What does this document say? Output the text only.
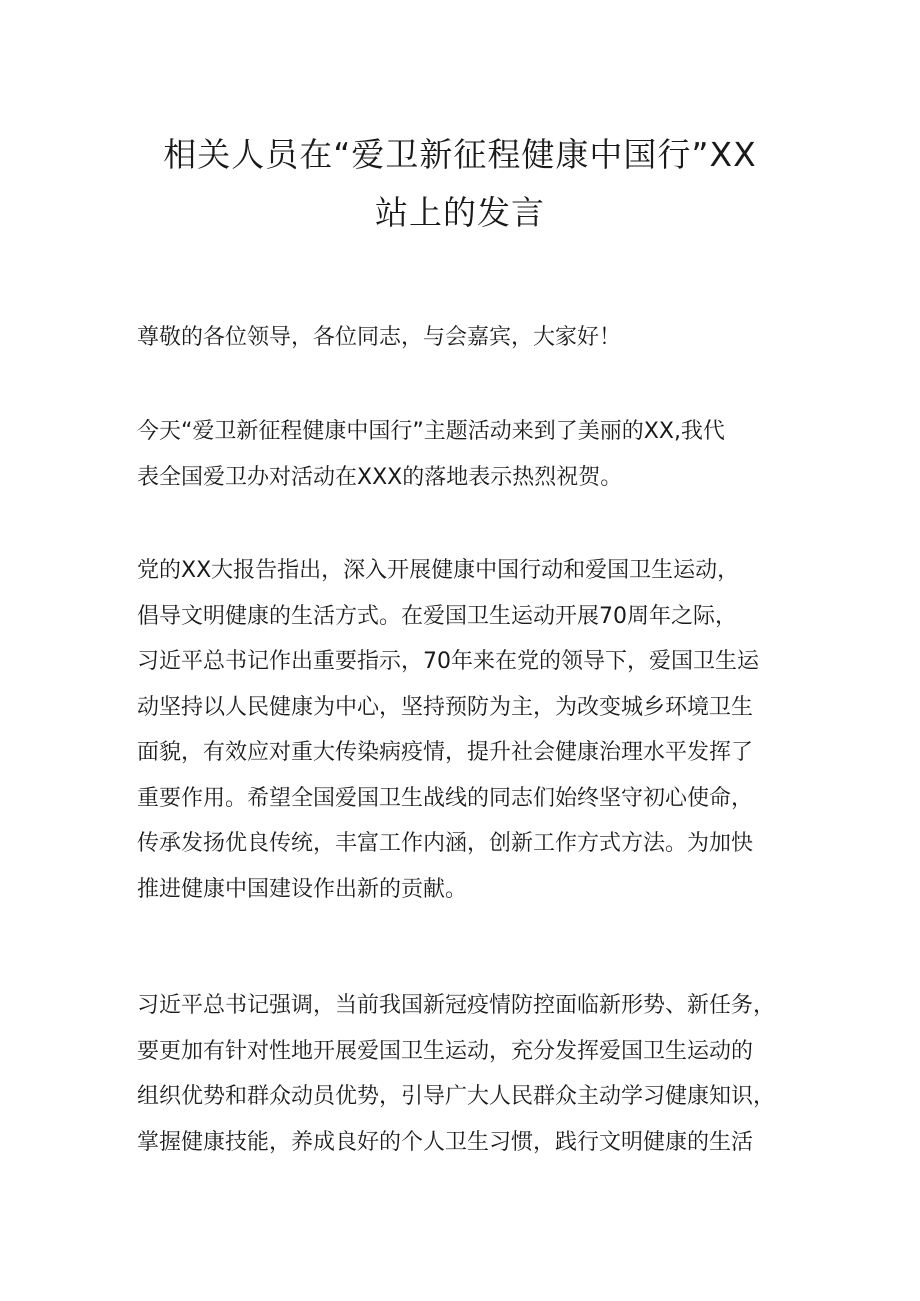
相关人员在“爱卫新征程健康中国行”XX
站上的发言

尊敬的各位领导，各位同志，与会嘉宾，大家好！

今天“爱卫新征程健康中国行”主题活动来到了美丽的XX,我代
表全国爱卫办对活动在XXX的落地表示热烈祝贺。

党的XX大报告指出，深入开展健康中国行动和爱国卫生运动，
倡导文明健康的生活方式。在爱国卫生运动开展70周年之际，
习近平总书记作出重要指示，70年来在党的领导下，爱国卫生运
动坚持以人民健康为中心，坚持预防为主，为改变城乡环境卫生
面貌，有效应对重大传染病疫情，提升社会健康治理水平发挥了
重要作用。希望全国爱国卫生战线的同志们始终坚守初心使命，
传承发扬优良传统，丰富工作内涵，创新工作方式方法。为加快
推进健康中国建设作出新的贡献。

习近平总书记强调，当前我国新冠疫情防控面临新形势、新任务，
要更加有针对性地开展爱国卫生运动，充分发挥爱国卫生运动的
组织优势和群众动员优势，引导广大人民群众主动学习健康知识，
掌握健康技能，养成良好的个人卫生习惯，践行文明健康的生活
